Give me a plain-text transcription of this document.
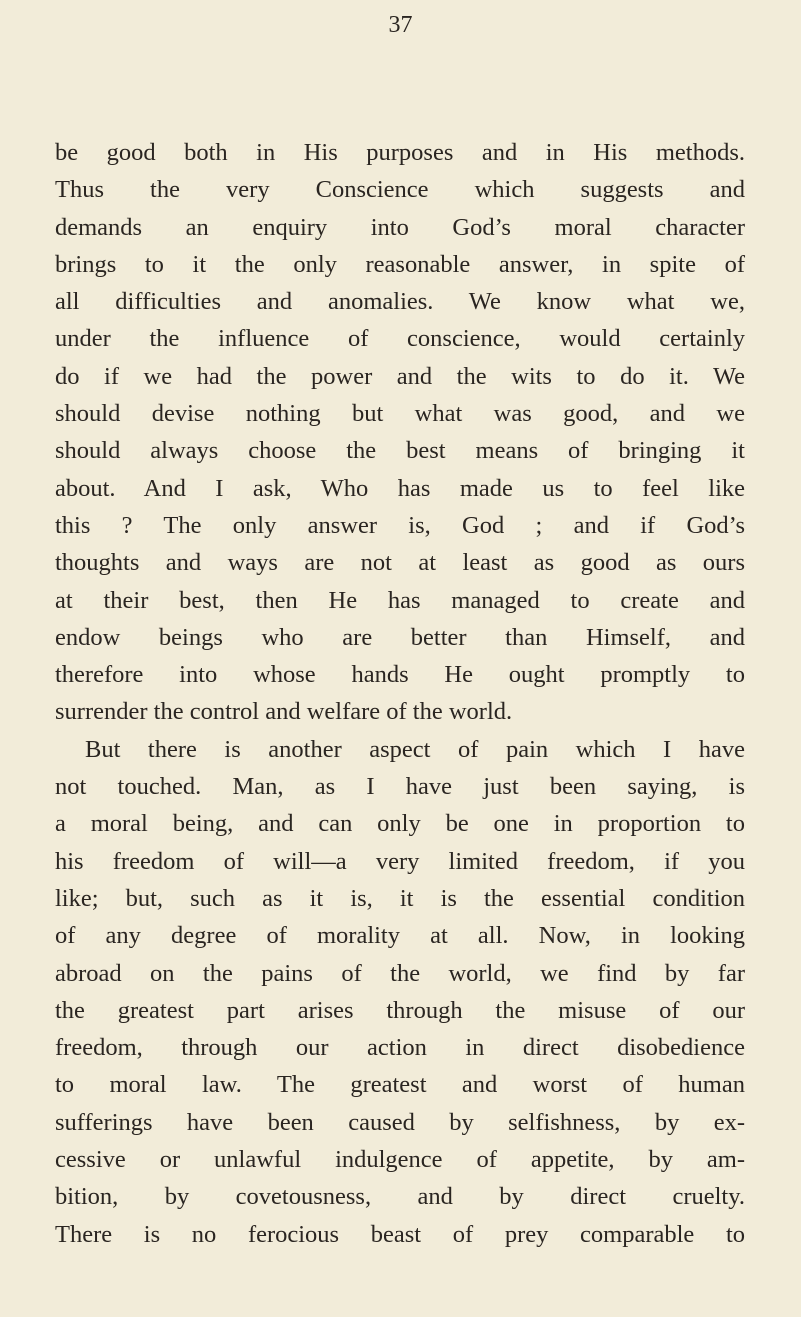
37
be good both in His purposes and in His methods.
Thus the very Conscience which suggests and
demands an enquiry into God’s moral character
brings to it the only reasonable answer, in spite of
all difficulties and anomalies. We know what we,
under the influence of conscience, would certainly
do if we had the power and the wits to do it. We
should devise nothing but what was good, and we
should always choose the best means of bringing it
about. And I ask, Who has made us to feel like
this ? The only answer is, God ; and if God’s
thoughts and ways are not at least as good as ours
at their best, then He has managed to create and
endow beings who are better than Himself, and
therefore into whose hands He ought promptly to
surrender the control and welfare of the world.
But there is another aspect of pain which I have
not touched. Man, as I have just been saying, is
a moral being, and can only be one in proportion to
his freedom of will—a very limited freedom, if you
like; but, such as it is, it is the essential condition
of any degree of morality at all. Now, in looking
abroad on the pains of the world, we find by far
the greatest part arises through the misuse of our
freedom, through our action in direct disobedience
to moral law. The greatest and worst of human
sufferings have been caused by selfishness, by ex-
cessive or unlawful indulgence of appetite, by am-
bition, by covetousness, and by direct cruelty.
There is no ferocious beast of prey comparable to
